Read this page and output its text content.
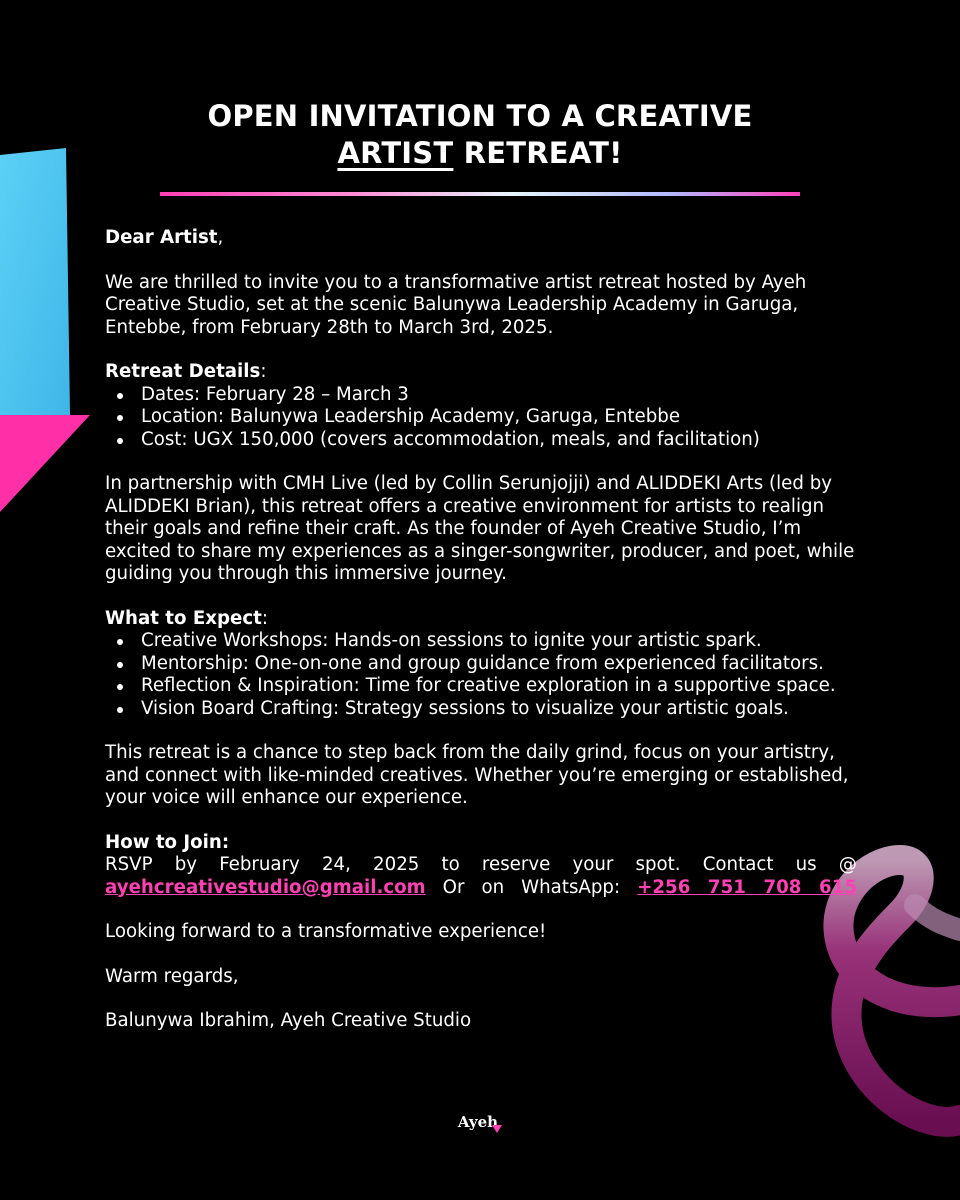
OPEN INVITATION TO A CREATIVE
ARTIST RETREAT!

Dear Artist,

We are thrilled to invite you to a transformative artist retreat hosted by Ayeh Creative Studio, set at the scenic Balunywa Leadership Academy in Garuga, Entebbe, from February 28th to March 3rd, 2025.

Retreat Details:

Dates: February 28 – March 3
Location: Balunywa Leadership Academy, Garuga, Entebbe
Cost: UGX 150,000 (covers accommodation, meals, and facilitation)

In partnership with CMH Live (led by Collin Serunjojji) and ALIDDEKI Arts (led by ALIDDEKI Brian), this retreat offers a creative environment for artists to realign their goals and refine their craft. As the founder of Ayeh Creative Studio, I’m excited to share my experiences as a singer-songwriter, producer, and poet, while guiding you through this immersive journey.

What to Expect:

Creative Workshops: Hands-on sessions to ignite your artistic spark.
Mentorship: One-on-one and group guidance from experienced facilitators.
Reflection & Inspiration: Time for creative exploration in a supportive space.
Vision Board Crafting: Strategy sessions to visualize your artistic goals.

This retreat is a chance to step back from the daily grind, focus on your artistry, and connect with like-minded creatives. Whether you’re emerging or established, your voice will enhance our experience.

How to Join:

RSVP by February 24, 2025 to reserve your spot. Contact us @

ayehcreativestudio@gmail.com Or on WhatsApp: +256 751 708 615

Looking forward to a transformative experience!

Warm regards,

Balunywa Ibrahim, Ayeh Creative Studio

Ayeh
